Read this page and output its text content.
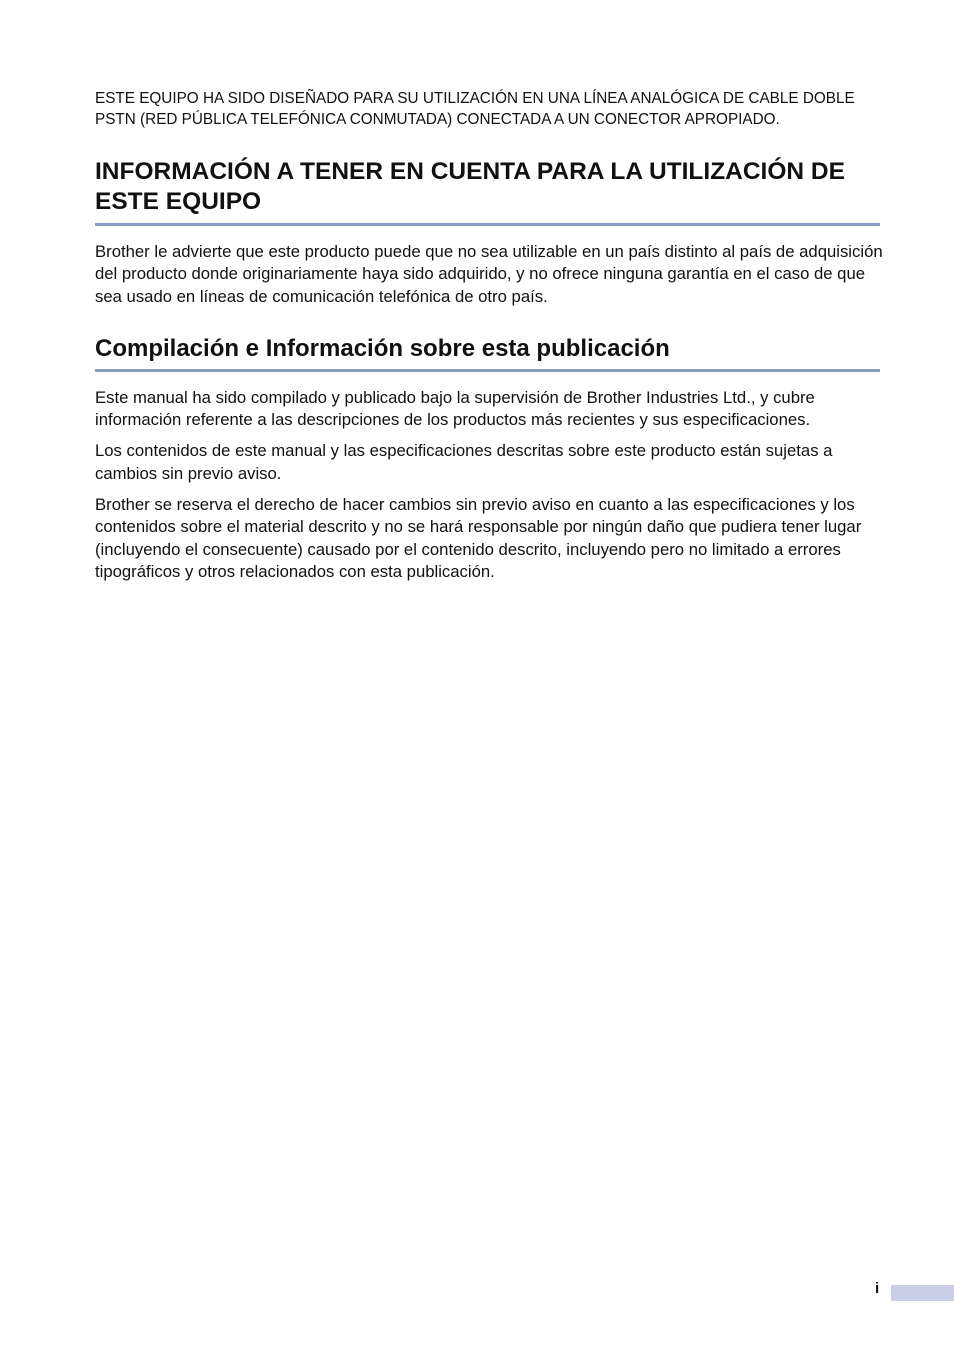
ESTE EQUIPO HA SIDO DISEÑADO PARA SU UTILIZACIÓN EN UNA LÍNEA ANALÓGICA DE CABLE DOBLE PSTN (RED PÚBLICA TELEFÓNICA CONMUTADA) CONECTADA A UN CONECTOR APROPIADO.

INFORMACIÓN A TENER EN CUENTA PARA LA UTILIZACIÓN DE ESTE EQUIPO

Brother le advierte que este producto puede que no sea utilizable en un país distinto al país de adquisición del producto donde originariamente haya sido adquirido, y no ofrece ninguna garantía en el caso de que sea usado en líneas de comunicación telefónica de otro país.

Compilación e Información sobre esta publicación

Este manual ha sido compilado y publicado bajo la supervisión de Brother Industries Ltd., y cubre información referente a las descripciones de los productos más recientes y sus especificaciones.

Los contenidos de este manual y las especificaciones descritas sobre este producto están sujetas a cambios sin previo aviso.

Brother se reserva el derecho de hacer cambios sin previo aviso en cuanto a las especificaciones y los contenidos sobre el material descrito y no se hará responsable por ningún daño que pudiera tener lugar (incluyendo el consecuente) causado por el contenido descrito, incluyendo pero no limitado a errores tipográficos y otros relacionados con esta publicación.

i
